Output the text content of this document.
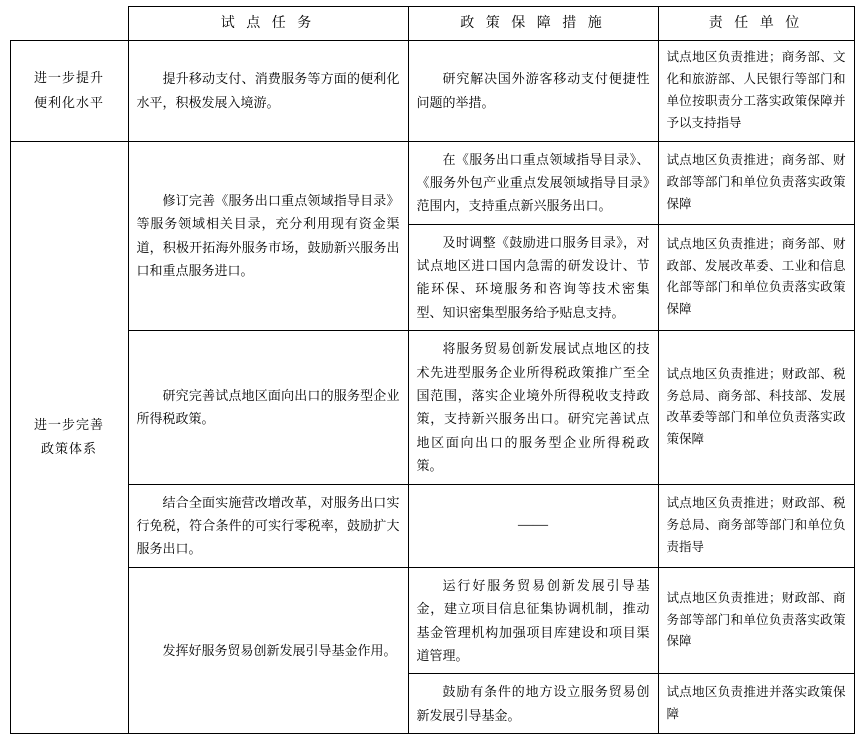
	试 点 任 务	政 策 保 障 措 施	责 任 单 位

进一步提升
便利化水平	提升移动支付、消费服务等方面的便利化水平，积极发展入境游。	研究解决国外游客移动支付便捷性问题的举措。	试点地区负责推进；商务部、文化和旅游部、人民银行等部门和单位按职责分工落实政策保障并予以支持指导

进一步完善
政策体系	修订完善《服务出口重点领域指导目录》等服务领域相关目录，充分利用现有资金渠道，积极开拓海外服务市场，鼓励新兴服务出口和重点服务进口。	在《服务出口重点领域指导目录》、《服务外包产业重点发展领域指导目录》范围内，支持重点新兴服务出口。	试点地区负责推进；商务部、财政部等部门和单位负责落实政策保障
		及时调整《鼓励进口服务目录》，对试点地区进口国内急需的研发设计、节能环保、环境服务和咨询等技术密集型、知识密集型服务给予贴息支持。	试点地区负责推进；商务部、财政部、发展改革委、工业和信息化部等部门和单位负责落实政策保障
	研究完善试点地区面向出口的服务型企业所得税政策。	将服务贸易创新发展试点地区的技术先进型服务企业所得税政策推广至全国范围，落实企业境外所得税收支持政策，支持新兴服务出口。研究完善试点地区面向出口的服务型企业所得税政策。	试点地区负责推进；财政部、税务总局、商务部、科技部、发展改革委等部门和单位负责落实政策保障
	结合全面实施营改增改革，对服务出口实行免税，符合条件的可实行零税率，鼓励扩大服务出口。	——	试点地区负责推进；财政部、税务总局、商务部等部门和单位负责指导
	发挥好服务贸易创新发展引导基金作用。	运行好服务贸易创新发展引导基金，建立项目信息征集协调机制，推动基金管理机构加强项目库建设和项目渠道管理。	试点地区负责推进；财政部、商务部等部门和单位负责落实政策保障
		鼓励有条件的地方设立服务贸易创新发展引导基金。	试点地区负责推进并落实政策保障
